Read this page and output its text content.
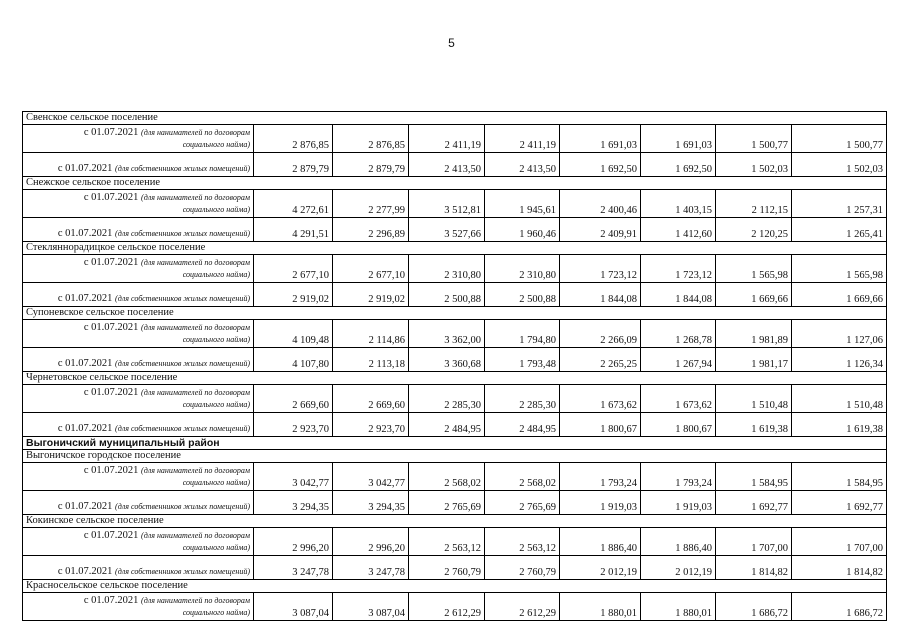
5
Свенское сельское поселение								

с 01.07.2021 (для нанимателей по договорам
социального найма)	2 876,85	2 876,85	2 411,19	2 411,19	1 691,03	1 691,03	1 500,77	1 500,77

с 01.07.2021 (для собственников жилых помещений)	2 879,79	2 879,79	2 413,50	2 413,50	1 692,50	1 692,50	1 502,03	1 502,03
Снежское сельское поселение								

с 01.07.2021 (для нанимателей по договорам
социального найма)	4 272,61	2 277,99	3 512,81	1 945,61	2 400,46	1 403,15	2 112,15	1 257,31

с 01.07.2021 (для собственников жилых помещений)	4 291,51	2 296,89	3 527,66	1 960,46	2 409,91	1 412,60	2 120,25	1 265,41
Стекляннорадицкое сельское поселение								

с 01.07.2021 (для нанимателей по договорам
социального найма)	2 677,10	2 677,10	2 310,80	2 310,80	1 723,12	1 723,12	1 565,98	1 565,98

с 01.07.2021 (для собственников жилых помещений)	2 919,02	2 919,02	2 500,88	2 500,88	1 844,08	1 844,08	1 669,66	1 669,66
Супоневское сельское поселение								

с 01.07.2021 (для нанимателей по договорам
социального найма)	4 109,48	2 114,86	3 362,00	1 794,80	2 266,09	1 268,78	1 981,89	1 127,06

с 01.07.2021 (для собственников жилых помещений)	4 107,80	2 113,18	3 360,68	1 793,48	2 265,25	1 267,94	1 981,17	1 126,34
Чернетовское сельское поселение								

с 01.07.2021 (для нанимателей по договорам
социального найма)	2 669,60	2 669,60	2 285,30	2 285,30	1 673,62	1 673,62	1 510,48	1 510,48

с 01.07.2021 (для собственников жилых помещений)	2 923,70	2 923,70	2 484,95	2 484,95	1 800,67	1 800,67	1 619,38	1 619,38
Выгоничский муниципальный район								
Выгоничское городское поселение								

с 01.07.2021 (для нанимателей по договорам
социального найма)	3 042,77	3 042,77	2 568,02	2 568,02	1 793,24	1 793,24	1 584,95	1 584,95

с 01.07.2021 (для собственников жилых помещений)	3 294,35	3 294,35	2 765,69	2 765,69	1 919,03	1 919,03	1 692,77	1 692,77
Кокинское сельское поселение								

с 01.07.2021 (для нанимателей по договорам
социального найма)	2 996,20	2 996,20	2 563,12	2 563,12	1 886,40	1 886,40	1 707,00	1 707,00

с 01.07.2021 (для собственников жилых помещений)	3 247,78	3 247,78	2 760,79	2 760,79	2 012,19	2 012,19	1 814,82	1 814,82
Красносельское сельское поселение								

с 01.07.2021 (для нанимателей по договорам
социального найма)	3 087,04	3 087,04	2 612,29	2 612,29	1 880,01	1 880,01	1 686,72	1 686,72
